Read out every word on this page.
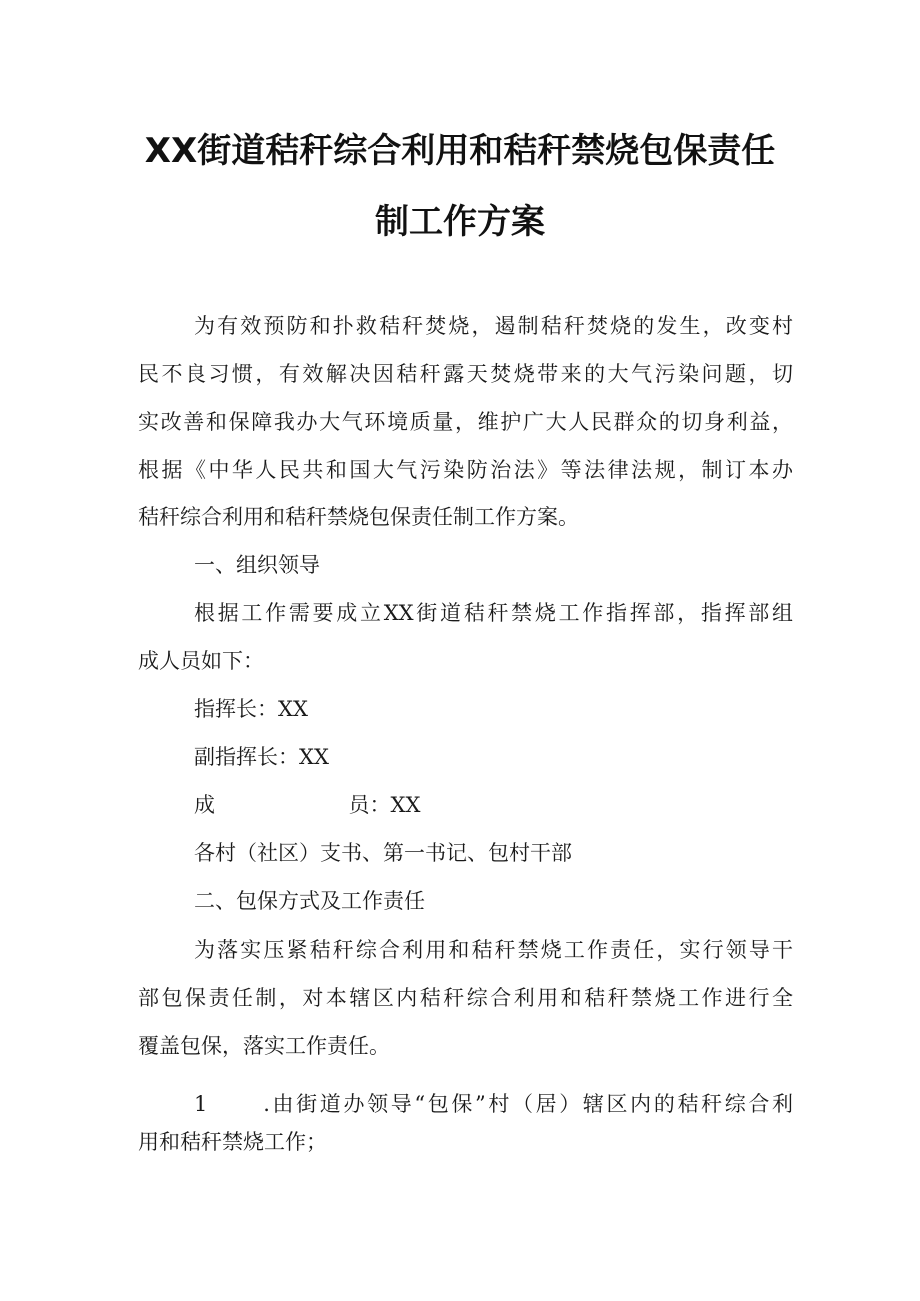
XX街道秸秆综合利用和秸秆禁烧包保责任
制工作方案
为有效预防和扑救秸秆焚烧，遏制秸秆焚烧的发生，改变村
民不良习惯，有效解决因秸秆露天焚烧带来的大气污染问题，切
实改善和保障我办大气环境质量，维护广大人民群众的切身利益，
根据《中华人民共和国大气污染防治法》等法律法规，制订本办
秸秆综合利用和秸秆禁烧包保责任制工作方案。
一、组织领导
根据工作需要成立XX街道秸秆禁烧工作指挥部，指挥部组
成人员如下：
指挥长：XX
副指挥长：XX
成                    员：XX
各村（社区）支书、第一书记、包村干部
二、包保方式及工作责任
为落实压紧秸秆综合利用和秸秆禁烧工作责任，实行领导干
部包保责任制，对本辖区内秸秆综合利用和秸秆禁烧工作进行全
覆盖包保，落实工作责任。
1      .由街道办领导“包保”村（居）辖区内的秸秆综合利
用和秸秆禁烧工作；
